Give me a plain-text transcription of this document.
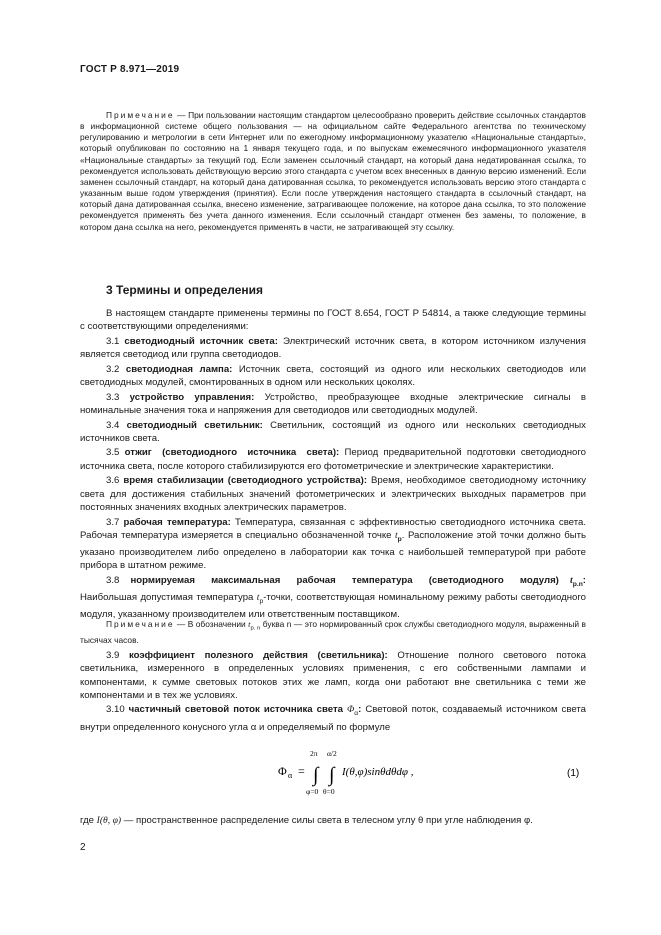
ГОСТ Р 8.971—2019

Примечание — При пользовании настоящим стандартом целесообразно проверить действие ссылочных стандартов в информационной системе общего пользования — на официальном сайте Федерального агентства по техническому регулированию и метрологии в сети Интернет или по ежегодному информационному указателю «Национальные стандарты», который опубликован по состоянию на 1 января текущего года, и по выпускам ежемесячного информационного указателя «Национальные стандарты» за текущий год. Если заменен ссылочный стандарт, на который дана недатированная ссылка, то рекомендуется использовать действующую версию этого стандарта с учетом всех внесенных в данную версию изменений. Если заменен ссылочный стандарт, на который дана датированная ссылка, то рекомендуется использовать версию этого стандарта с указанным выше годом утверждения (принятия). Если после утверждения настоящего стандарта в ссылочный стандарт, на который дана датированная ссылка, внесено изменение, затрагивающее положение, на которое дана ссылка, то это положение рекомендуется применять без учета данного изменения. Если ссылочный стандарт отменен без замены, то положение, в котором дана ссылка на него, рекомендуется применять в части, не затрагивающей эту ссылку.

3 Термины и определения

В настоящем стандарте применены термины по ГОСТ 8.654, ГОСТ Р 54814, а также следующие термины с соответствующими определениями:

3.1 светодиодный источник света: Электрический источник света, в котором источником излучения является светодиод или группа светодиодов.

3.2 светодиодная лампа: Источник света, состоящий из одного или нескольких светодиодов или светодиодных модулей, смонтированных в одном или нескольких цоколях.

3.3 устройство управления: Устройство, преобразующее входные электрические сигналы в номинальные значения тока и напряжения для светодиодов или светодиодных модулей.

3.4 светодиодный светильник: Светильник, состоящий из одного или нескольких светодиодных источников света.

3.5 отжиг (светодиодного источника света): Период предварительной подготовки светодиодного источника света, после которого стабилизируются его фотометрические и электрические характеристики.

3.6 время стабилизации (светодиодного устройства): Время, необходимое светодиодному источнику света для достижения стабильных значений фотометрических и электрических выходных параметров при постоянных значениях входных электрических параметров.

3.7 рабочая температура: Температура, связанная с эффективностью светодиодного источника света. Рабочая температура измеряется в специально обозначенной точке $t_p$. Расположение этой точки должно быть указано производителем либо определено в лаборатории как точка с наибольшей температурой при работе прибора в штатном режиме.

3.8 нормируемая максимальная рабочая температура (светодиодного модуля) $t_{p.n}$: Наибольшая допустимая температура $t_p$-точки, соответствующая номинальному режиму работы светодиодного модуля, указанному производителем или ответственным поставщиком.

Примечание — В обозначении $t_{p. n}$ буква n — это нормированный срок службы светодиодного модуля, выраженный в тысячах часов.

3.9 коэффициент полезного действия (светильника): Отношение полного светового потока светильника, измеренного в определенных условиях применения, с его собственными лампами и компонентами, к сумме световых потоков этих же ламп, когда они работают вне светильника с теми же компонентами и в тех же условиях.

3.10 частичный световой поток источника света $\Phi_\alpha$: Световой поток, создаваемый источником света внутри определенного конусного угла α и определяемый по формуле

Φ α =
2π
∫
φ=0
α/2
∫
θ=0
I(θ,φ)sinθdθdφ ,	(1)
где I(θ, φ) — пространственное распределение силы света в телесном углу θ при угле наблюдения φ.
2
